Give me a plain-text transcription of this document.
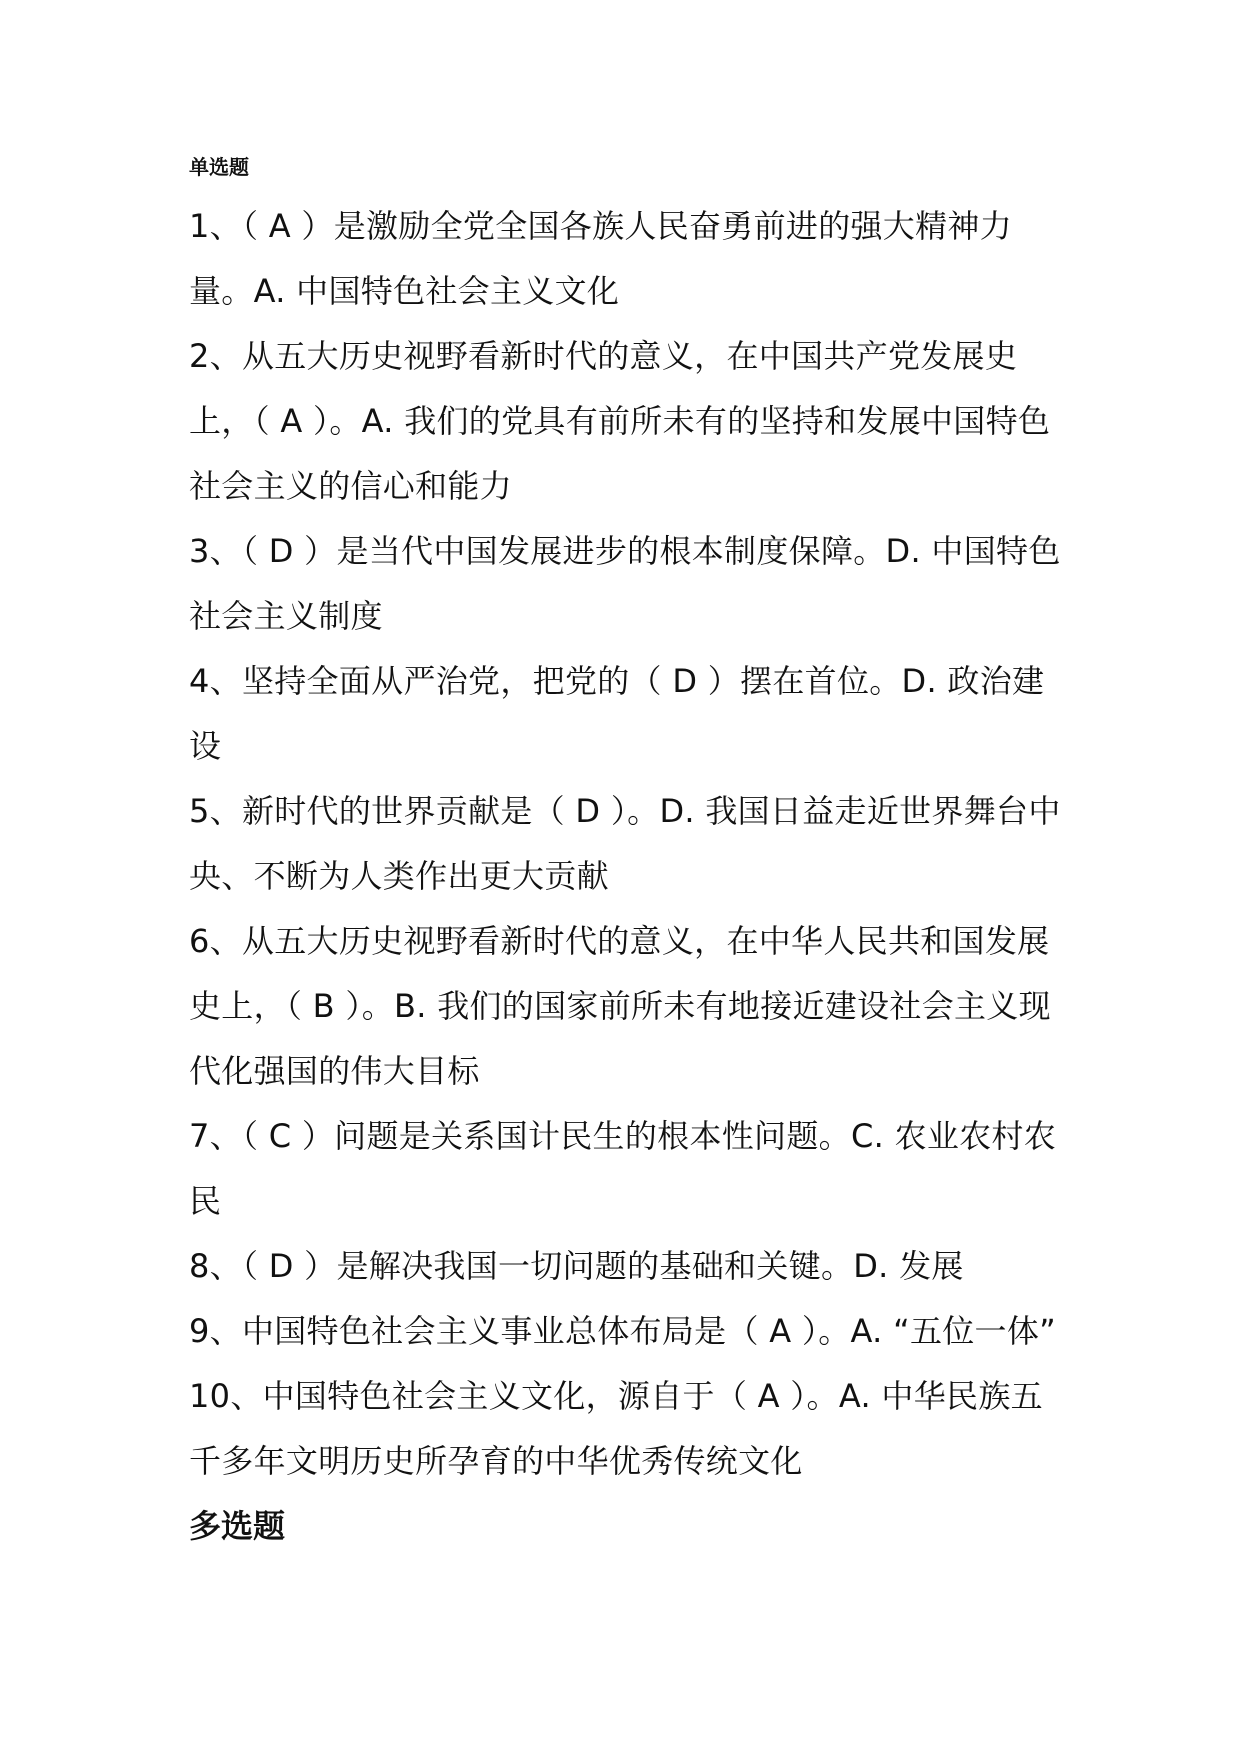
单选题
1、（ A ）是激励全党全国各族人民奋勇前进的强大精神力量。A. 中国特色社会主义文化
2、从五大历史视野看新时代的意义，在中国共产党发展史上，（ A ）。A. 我们的党具有前所未有的坚持和发展中国特色社会主义的信心和能力
3、（ D ）是当代中国发展进步的根本制度保障。D. 中国特色社会主义制度
4、坚持全面从严治党，把党的（ D ）摆在首位。D. 政治建设
5、新时代的世界贡献是（ D ）。D. 我国日益走近世界舞台中央、不断为人类作出更大贡献
6、从五大历史视野看新时代的意义，在中华人民共和国发展史上，（ B ）。B. 我们的国家前所未有地接近建设社会主义现代化强国的伟大目标
7、（ C ）问题是关系国计民生的根本性问题。C. 农业农村农民
8、（ D ）是解决我国一切问题的基础和关键。D. 发展
9、中国特色社会主义事业总体布局是（ A ）。A. “五位一体”
10、中国特色社会主义文化，源自于（ A ）。A. 中华民族五千多年文明历史所孕育的中华优秀传统文化
多选题
